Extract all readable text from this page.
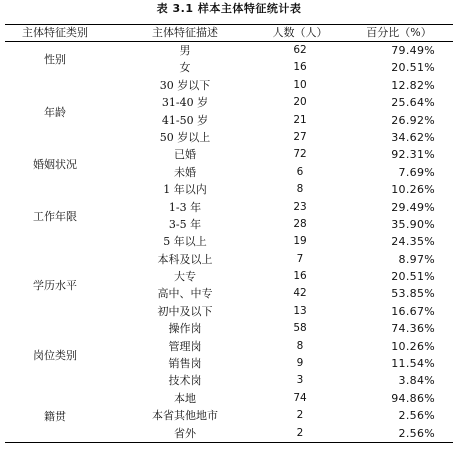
表 3.1 样本主体特征统计表
主体特征类别	主体特征描述	人数（人）	百分比（%）
性别
男	62	79.49%
女	16	20.51%
年龄
30 岁以下	10	12.82%
31-40 岁	20	25.64%
41-50 岁	21	26.92%
50 岁以上	27	34.62%
婚姻状况
已婚	72	92.31%
未婚	6	7.69%
工作年限
1 年以内	8	10.26%
1-3 年	23	29.49%
3-5 年	28	35.90%
5 年以上	19	24.35%
学历水平
本科及以上	7	8.97%
大专	16	20.51%
高中、中专	42	53.85%
初中及以下	13	16.67%
岗位类别
操作岗	58	74.36%
管理岗	8	10.26%
销售岗	9	11.54%
技术岗	3	3.84%
籍贯
本地	74	94.86%
本省其他地市	2	2.56%
省外	2	2.56%
